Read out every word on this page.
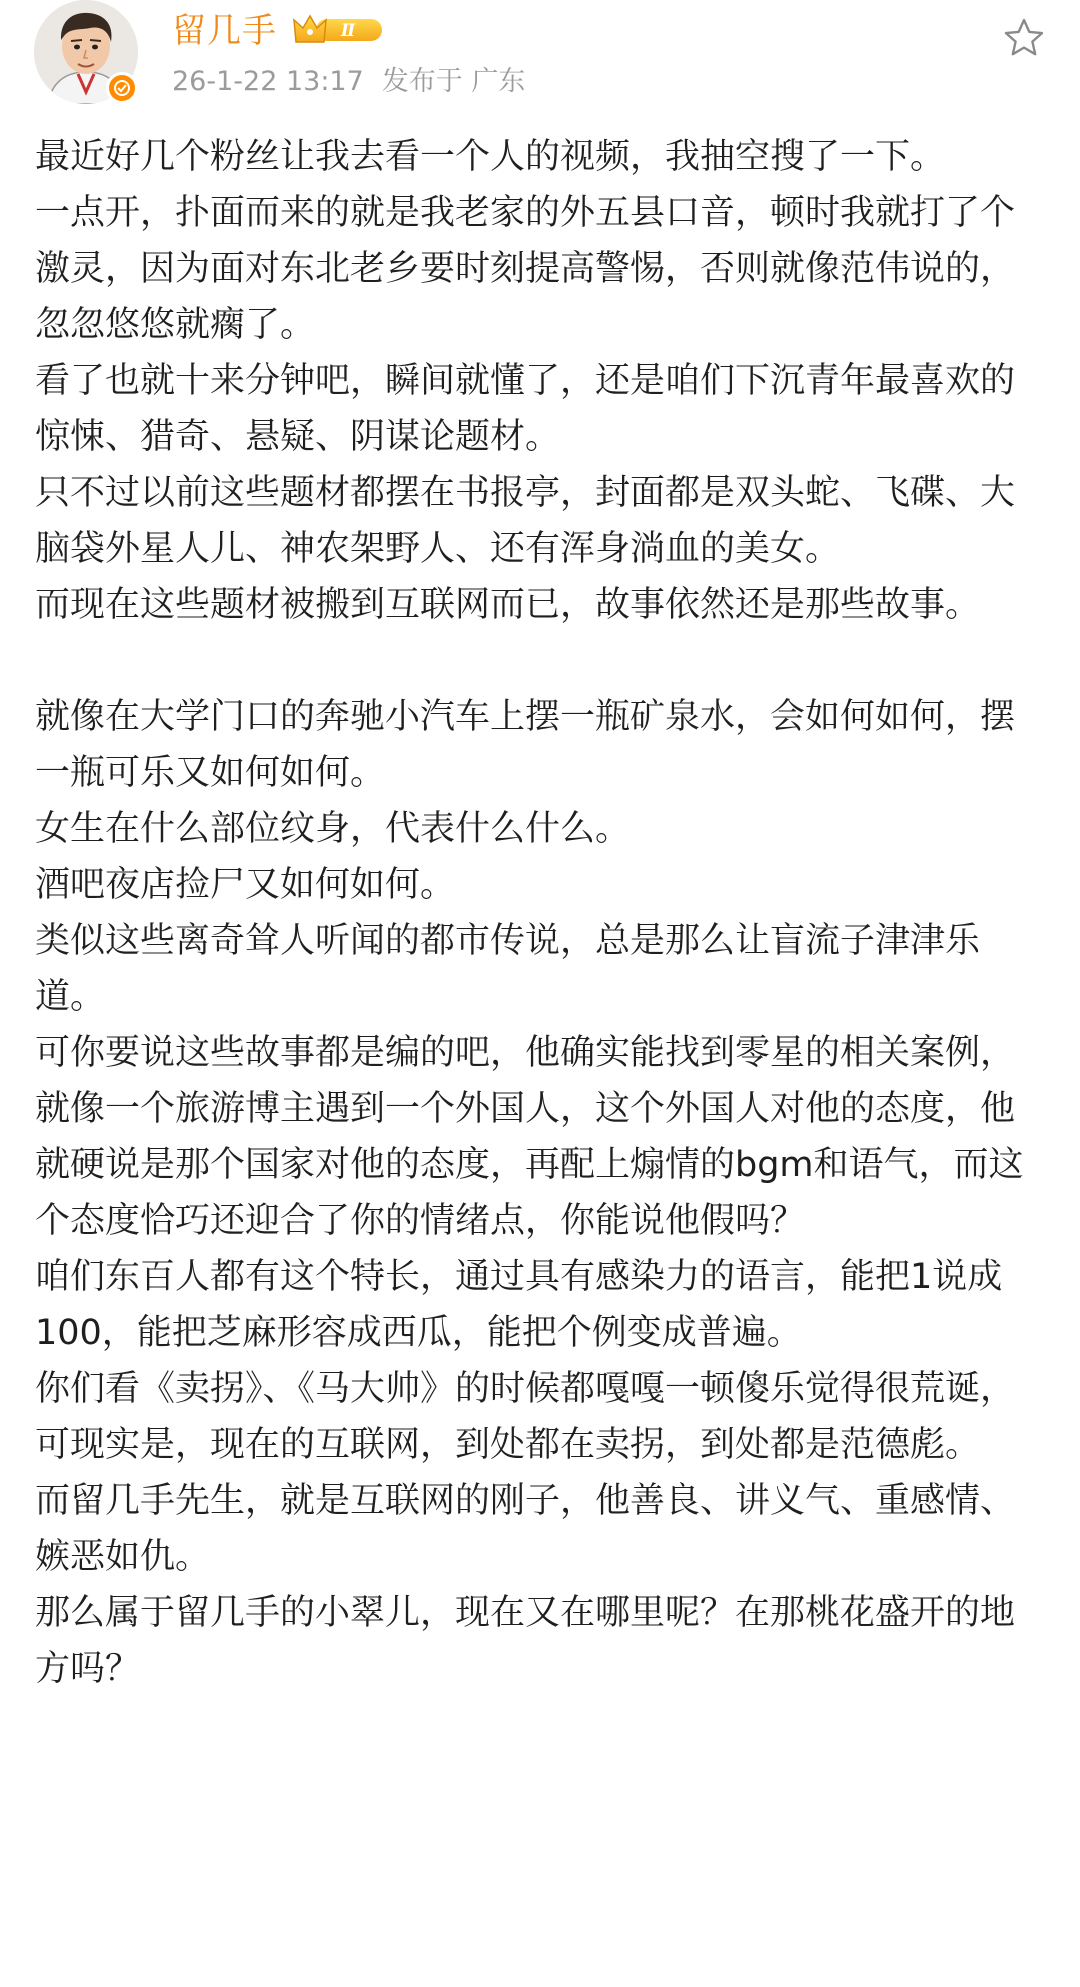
留几手	Ⅱ
26-1-22 13:17 发布于 广东

最近好几个粉丝让我去看一个人的视频，我抽空搜了一下。

一点开，扑面而来的就是我老家的外五县口音，顿时我就打了个激灵，因为面对东北老乡要时刻提高警惕，否则就像范伟说的，忽忽悠悠就瘸了。

看了也就十来分钟吧，瞬间就懂了，还是咱们下沉青年最喜欢的惊悚、猎奇、悬疑、阴谋论题材。

只不过以前这些题材都摆在书报亭，封面都是双头蛇、飞碟、大脑袋外星人儿、神农架野人、还有浑身淌血的美女。

而现在这些题材被搬到互联网而已，故事依然还是那些故事。

就像在大学门口的奔驰小汽车上摆一瓶矿泉水，会如何如何，摆一瓶可乐又如何如何。

女生在什么部位纹身，代表什么什么。

酒吧夜店捡尸又如何如何。

类似这些离奇耸人听闻的都市传说，总是那么让盲流子津津乐道。

可你要说这些故事都是编的吧，他确实能找到零星的相关案例，就像一个旅游博主遇到一个外国人，这个外国人对他的态度，他就硬说是那个国家对他的态度，再配上煽情的bgm和语气，而这个态度恰巧还迎合了你的情绪点，你能说他假吗？

咱们东百人都有这个特长，通过具有感染力的语言，能把1说成100，能把芝麻形容成西瓜，能把个例变成普遍。

你们看《卖拐》、《马大帅》的时候都嘎嘎一顿傻乐觉得很荒诞，可现实是，现在的互联网，到处都在卖拐，到处都是范德彪。

而留几手先生，就是互联网的刚子，他善良、讲义气、重感情、嫉恶如仇。

那么属于留几手的小翠儿，现在又在哪里呢？在那桃花盛开的地方吗？
